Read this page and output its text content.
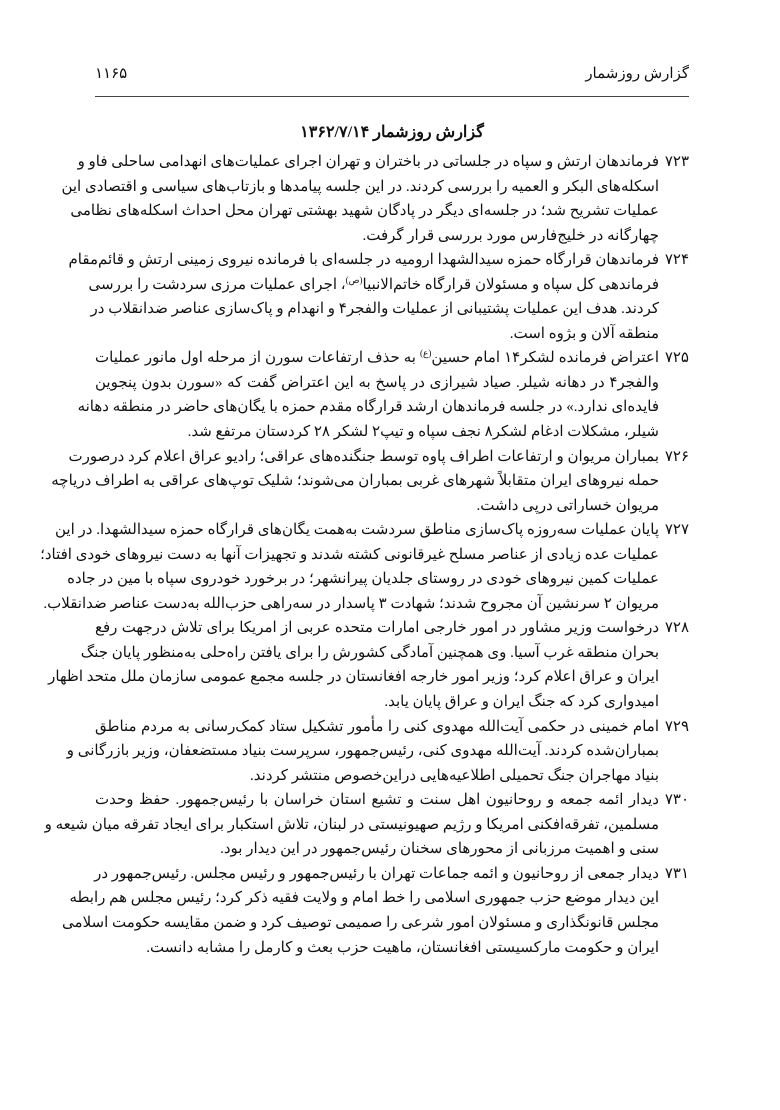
گزارش روزشمار
۱۱۶۵
گزارش روزشمار ۱۳۶۲/۷/۱۴
۷۲۳فرماندهان ارتش و سپاه در جلساتی در باختران و تهران اجرای عملیات‌های انهدامی ساحلی فاو و
اسکله‌های البکر و العمیه را بررسی کردند. در این جلسه پیامدها و بازتاب‌های سیاسی و اقتصادی این
عملیات تشریح شد؛ در جلسه‌ای دیگر در پادگان شهید بهشتی تهران محل احداث اسکله‌های نظامی
چهارگانه در خلیج‌فارس مورد بررسی قرار گرفت.
۷۲۴فرماندهان قرارگاه حمزه سیدالشهدا ارومیه در جلسه‌ای با فرمانده نیروی زمینی ارتش و قائم‌مقام
فرماندهی کل سپاه و مسئولان قرارگاه خاتم‌الانبیا$^{(ص)}$، اجرای عملیات مرزی سردشت را بررسی
کردند. هدف این عملیات پشتیبانی از عملیات والفجر۴ و انهدام و پاک‌سازی عناصر ضدانقلاب در
منطقه آلان و بژوه است.
۷۲۵اعتراض فرمانده لشکر۱۴ امام حسین$^{(ع)}$ به حذف ارتفاعات سورن از مرحله اول مانور عملیات
والفجر۴ در دهانه شیلر. صیاد شیرازی در پاسخ به این اعتراض گفت که «سورن بدون پنجوین
فایده‌ای ندارد.» در جلسه فرماندهان ارشد قرارگاه مقدم حمزه با یگان‌های حاضر در منطقه دهانه
شیلر، مشکلات ادغام لشکر۸ نجف سپاه و تیپ۲ لشکر ۲۸ کردستان مرتفع شد.
۷۲۶بمباران مریوان و ارتفاعات اطراف پاوه توسط جنگنده‌های عراقی؛ رادیو عراق اعلام کرد درصورت
حمله نیروهای ایران متقابلاً شهرهای غربی بمباران می‌شوند؛ شلیک توپ‌های عراقی به اطراف دریاچه
مریوان خساراتی درپی داشت.
۷۲۷پایان عملیات سه‌روزه پاک‌سازی مناطق سردشت به‌همت یگان‌های قرارگاه حمزه سیدالشهدا. در این
عملیات عده زیادی از عناصر مسلح غیرقانونی کشته شدند و تجهیزات آنها به دست نیروهای خودی افتاد؛
عملیات کمین نیروهای خودی در روستای جلدیان پیرانشهر؛ در برخورد خودروی سپاه با مین در جاده
مریوان ۲ سرنشین آن مجروح شدند؛ شهادت ۳ پاسدار در سه‌راهی حزب‌الله به‌دست عناصر ضدانقلاب.
۷۲۸درخواست وزیر مشاور در امور خارجی امارات متحده عربی از امریکا برای تلاش درجهت رفع
بحران منطقه غرب آسیا. وی همچنین آمادگی کشورش را برای یافتن راه‌حلی به‌منظور پایان جنگ
ایران و عراق اعلام کرد؛ وزیر امور خارجه افغانستان در جلسه مجمع عمومی سازمان ملل متحد اظهار
امیدواری کرد که جنگ ایران و عراق پایان یابد.
۷۲۹امام خمینی در حکمی آیت‌الله مهدوی کنی را مأمور تشکیل ستاد کمک‌رسانی به مردم مناطق
بمباران‌شده کردند. آیت‌الله مهدوی کنی، رئیس‌جمهور، سرپرست بنیاد مستضعفان، وزیر بازرگانی و
بنیاد مهاجران جنگ تحمیلی اطلاعیه‌هایی دراین‌خصوص منتشر کردند.
۷۳۰دیدار ائمه جمعه و روحانیون اهل سنت و تشیع استان خراسان با رئیس‌جمهور. حفظ وحدت
مسلمین، تفرقه‌افکنی امریکا و رژیم صهیونیستی در لبنان، تلاش استکبار برای ایجاد تفرقه میان شیعه و
سنی و اهمیت مرزبانی از محورهای سخنان رئیس‌جمهور در این دیدار بود.
۷۳۱دیدار جمعی از روحانیون و ائمه جماعات تهران با رئیس‌جمهور و رئیس مجلس. رئیس‌جمهور در
این دیدار موضع حزب جمهوری اسلامی را خط امام و ولایت فقیه ذکر کرد؛ رئیس مجلس هم رابطه
مجلس قانونگذاری و مسئولان امور شرعی را صمیمی توصیف کرد و ضمن مقایسه حکومت اسلامی
ایران و حکومت مارکسیستی افغانستان، ماهیت حزب بعث و کارمل را مشابه دانست.
